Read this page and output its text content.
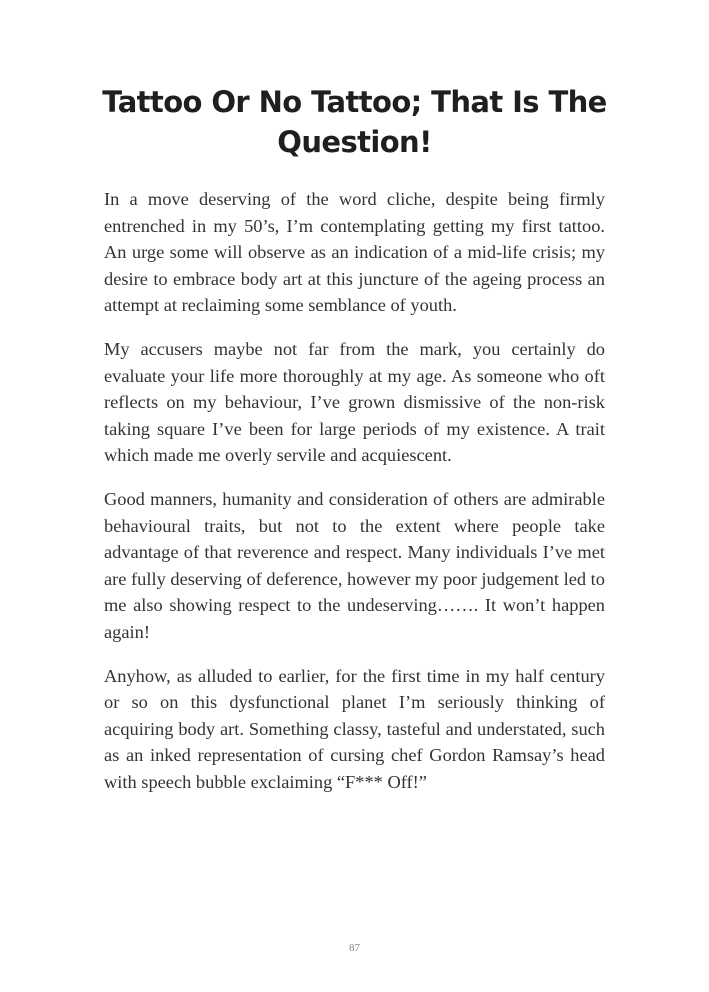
Tattoo Or No Tattoo; That Is The Question!

In a move deserving of the word cliche, despite being firmly entrenched in my 50’s, I’m contemplating getting my first tattoo. An urge some will observe as an indication of a mid-life crisis; my desire to embrace body art at this juncture of the ageing process an attempt at reclaiming some semblance of youth.

My accusers maybe not far from the mark, you certainly do evaluate your life more thoroughly at my age. As someone who oft reflects on my behaviour, I’ve grown dismissive of the non-risk taking square I’ve been for large periods of my existence. A trait which made me overly servile and acquiescent.

Good manners, humanity and consideration of others are admirable behavioural traits, but not to the extent where people take advantage of that reverence and respect. Many individuals I’ve met are fully deserving of deference, however my poor judgement led to me also showing respect to the undeserving……. It won’t happen again!

Anyhow, as alluded to earlier, for the first time in my half century or so on this dysfunctional planet I’m seriously thinking of acquiring body art. Something classy, tasteful and understated, such as an inked representation of cursing chef Gordon Ramsay’s head with speech bubble exclaiming “F*** Off!”

87
